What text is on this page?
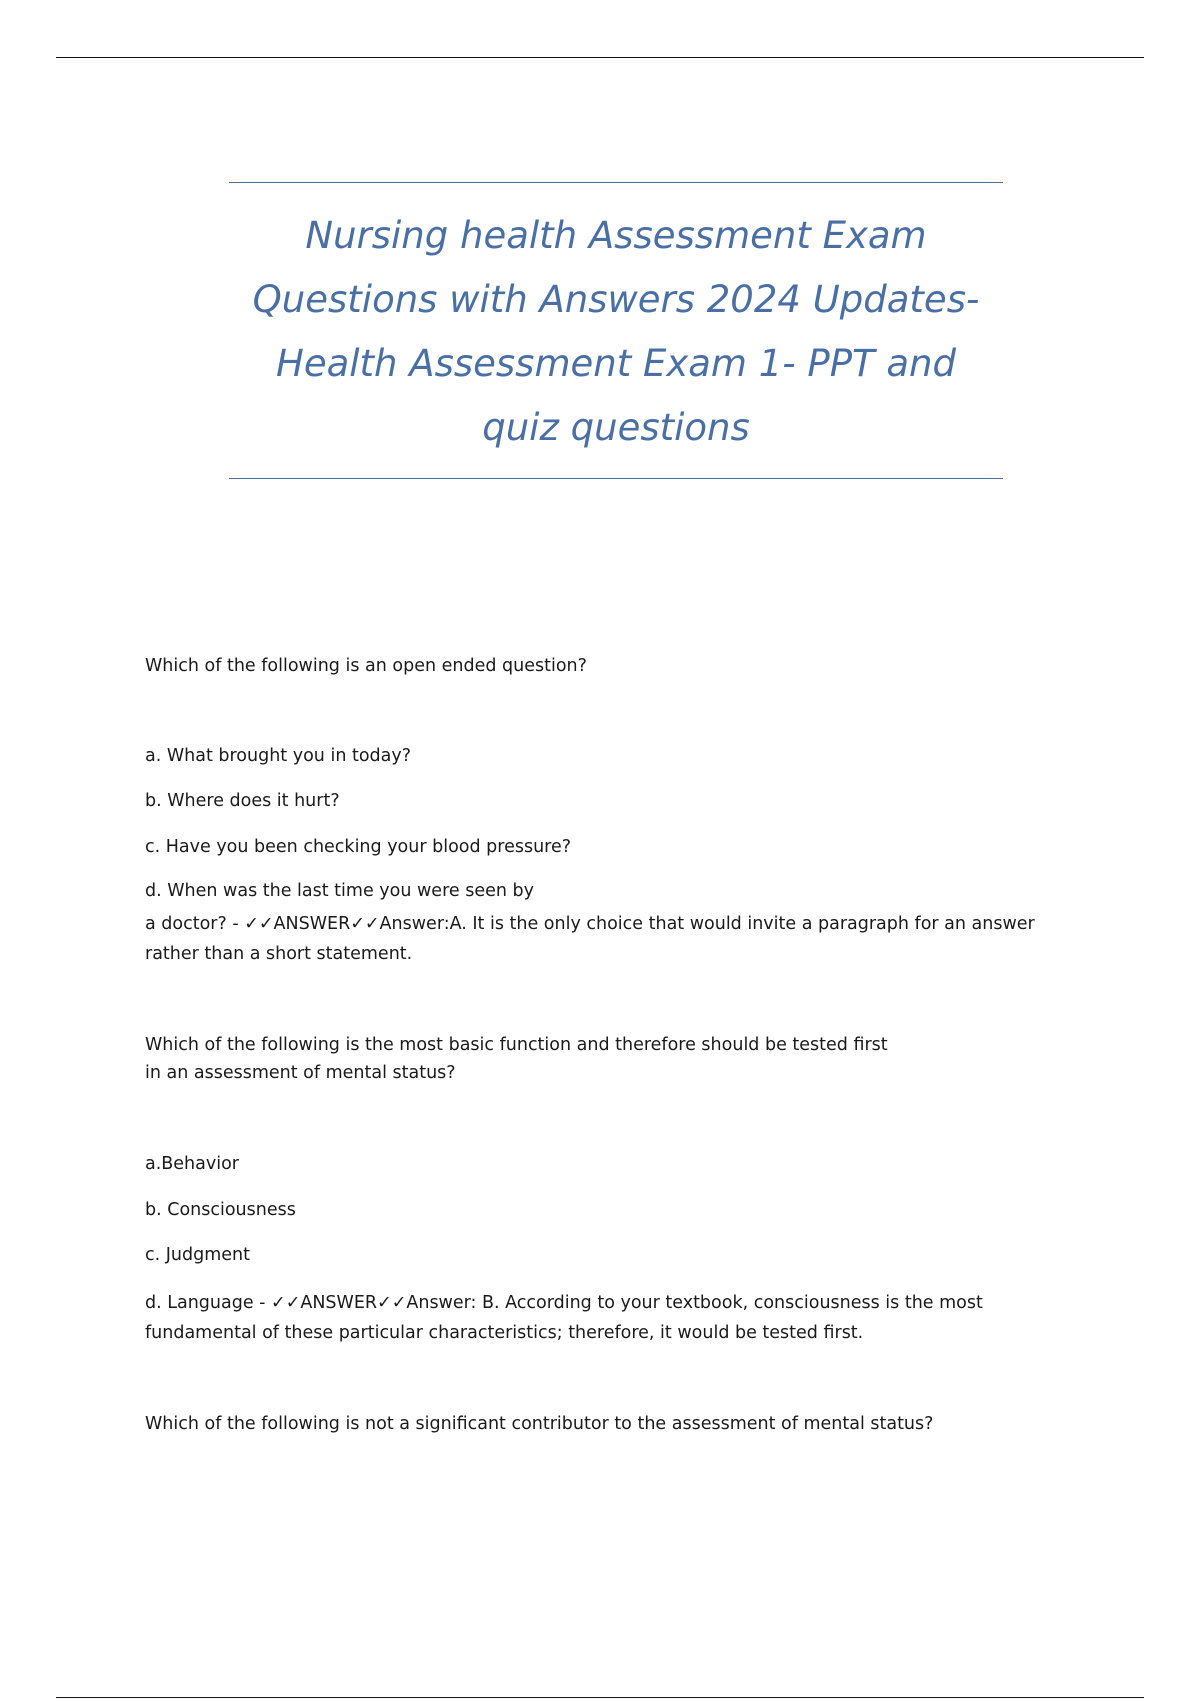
Nursing health Assessment Exam
Questions with Answers 2024 Updates-
Health Assessment Exam 1- PPT and
quiz questions

Which of the following is an open ended question?

a. What brought you in today?

b. Where does it hurt?

c. Have you been checking your blood pressure?

d. When was the last time you were seen by

a doctor? - ✓✓ANSWER✓✓Answer:A. It is the only choice that would invite a paragraph for an answer

rather than a short statement.

Which of the following is the most basic function and therefore should be tested first

in an assessment of mental status?

a.Behavior

b. Consciousness

c. Judgment

d. Language - ✓✓ANSWER✓✓Answer: B. According to your textbook, consciousness is the most

fundamental of these particular characteristics; therefore, it would be tested first.

Which of the following is not a significant contributor to the assessment of mental status?
